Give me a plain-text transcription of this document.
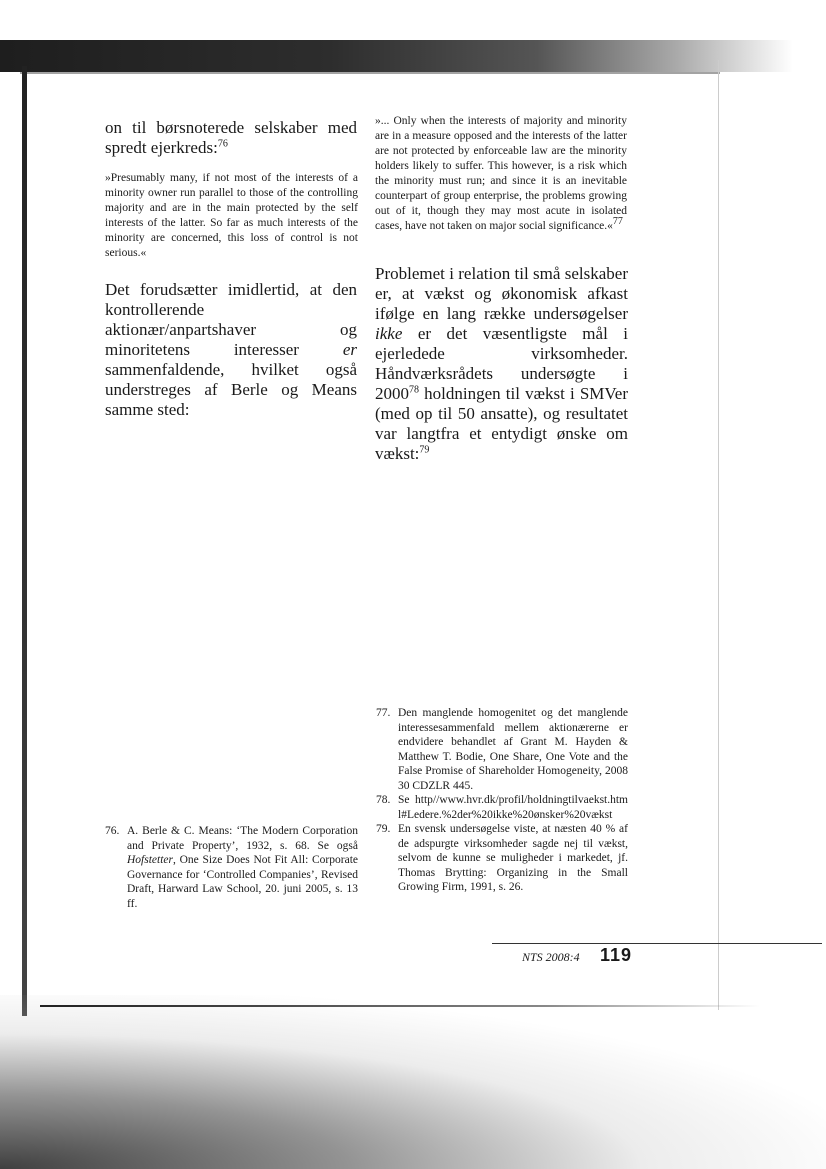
on til børsnoterede selskaber med spredt ejerkreds:$^{76}$

»Presumably many, if not most of the interests of a minority owner run parallel to those of the controlling majority and are in the main protected by the self interests of the latter. So far as much interests of the minority are concerned, this loss of control is not serious.«

Det forudsætter imidlertid, at den kontrollerende aktionær/anpartshaver og minoritetens interesser er sammenfaldende, hvilket også understreges af Berle og Means samme sted:

»... Only when the interests of majority and minority are in a measure opposed and the interests of the latter are not protected by enforceable law are the minority holders likely to suffer. This however, is a risk which the minority must run; and since it is an inevitable counterpart of group enterprise, the problems growing out of it, though they may most acute in isolated cases, have not taken on major social significance.«$^{77}$

Problemet i relation til små selskaber er, at vækst og økonomisk afkast ifølge en lang række undersøgelser ikke er det væsentligste mål i ejerledede virksomheder. Håndværksrådets undersøgte i 2000$^{78}$ holdningen til vækst i SMVer (med op til 50 ansatte), og resultatet var langtfra et entydigt ønske om vækst:$^{79}$

76. A. Berle & C. Means: ‘The Modern Corporation and Private Property’, 1932, s. 68. Se også Hofstetter, One Size Does Not Fit All: Corporate Governance for ‘Controlled Companies’, Revised Draft, Harward Law School, 20. juni 2005, s. 13 ff.

77. Den manglende homogenitet og det manglende interessesammenfald mellem aktionærerne er endvidere behandlet af Grant M. Hayden & Matthew T. Bodie, One Share, One Vote and the False Promise of Shareholder Homogeneity, 2008 30 CDZLR 445.

78. Se http//www.hvr.dk/profil/holdningtilvaekst.html#Ledere.%2der%20ikke%20ønsker%20vækst

79. En svensk undersøgelse viste, at næsten 40 % af de adspurgte virksomheder sagde nej til vækst, selvom de kunne se muligheder i markedet, jf. Thomas Brytting: Organizing in the Small Growing Firm, 1991, s. 26.

NTS 2008:4 119
